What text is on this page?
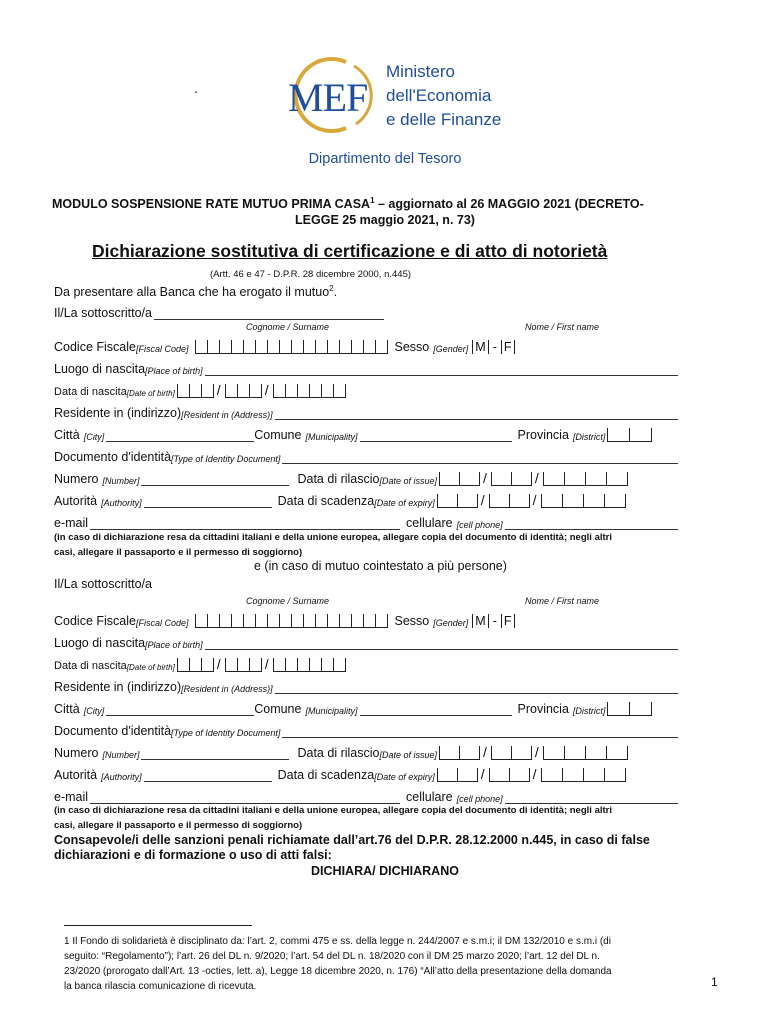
. MEF
Ministero
dell'Economia
e delle Finanze
Dipartimento del Tesoro
MODULO SOSPENSIONE RATE MUTUO PRIMA CASA$^1$ – aggiornato al 26 MAGGIO 2021 (DECRETO-
LEGGE 25 maggio 2021, n. 73)
Dichiarazione sostitutiva di certificazione e di atto di notorietà
(Artt. 46 e 47 - D.P.R. 28 dicembre 2000, n.445)
Da presentare alla Banca che ha erogato il mutuo$^2$.
Il/La sottoscritto/a
Cognome / Surname	Nome / First name
Codice Fiscale [Fiscal Code]	Sesso [Gender] M - F
Luogo di nascita [Place of birth]
Data di nascita [Date of birth]	/	/
Residente in (indirizzo) [Resident in (Address)]
Città [City]	Comune [Municipality]	Provincia [District]
Documento d'identità [Type of Identity Document]
Numero [Number]	Data di rilascio [Date of issue]	/	/
Autorità [Authority]	Data di scadenza [Date of expiry]	/	/
e-mail	cellulare [cell phone]
(in caso di dichiarazione resa da cittadini italiani e della unione europea, allegare copia del documento di identità; negli altri
casi, allegare il passaporto e il permesso di soggiorno)
e (in caso di mutuo cointestato a più persone)
Il/La sottoscritto/a
Cognome / Surname	Nome / First name
Codice Fiscale [Fiscal Code]	Sesso [Gender] M - F
Luogo di nascita [Place of birth]
Data di nascita [Date of birth]	/	/
Residente in (indirizzo) [Resident in (Address)]
Città [City]	Comune [Municipality]	Provincia [District]
Documento d'identità [Type of Identity Document]
Numero [Number]	Data di rilascio [Date of issue]	/	/
Autorità [Authority]	Data di scadenza [Date of expiry]	/	/
e-mail	cellulare [cell phone]
(in caso di dichiarazione resa da cittadini italiani e della unione europea, allegare copia del documento di identità; negli altri
casi, allegare il passaporto e il permesso di soggiorno)
Consapevole/i delle sanzioni penali richiamate dall’art.76 del D.P.R. 28.12.2000 n.445, in caso di false
dichiarazioni e di formazione o uso di atti falsi:
DICHIARA/ DICHIARANO
1 Il Fondo di solidarietà è disciplinato da: l’art. 2, commi 475 e ss. della legge n. 244/2007 e s.m.i; il DM 132/2010 e s.m.i (di
seguito: “Regolamento”); l’art. 26 del DL n. 9/2020; l’art. 54 del DL n. 18/2020 con il DM 25 marzo 2020; l’art. 12 del DL n.
23/2020 (prorogato dall’Art. 13 -octies, lett. a), Legge 18 dicembre 2020, n. 176) “All’atto della presentazione della domanda
la banca rilascia comunicazione di ricevuta.	1
